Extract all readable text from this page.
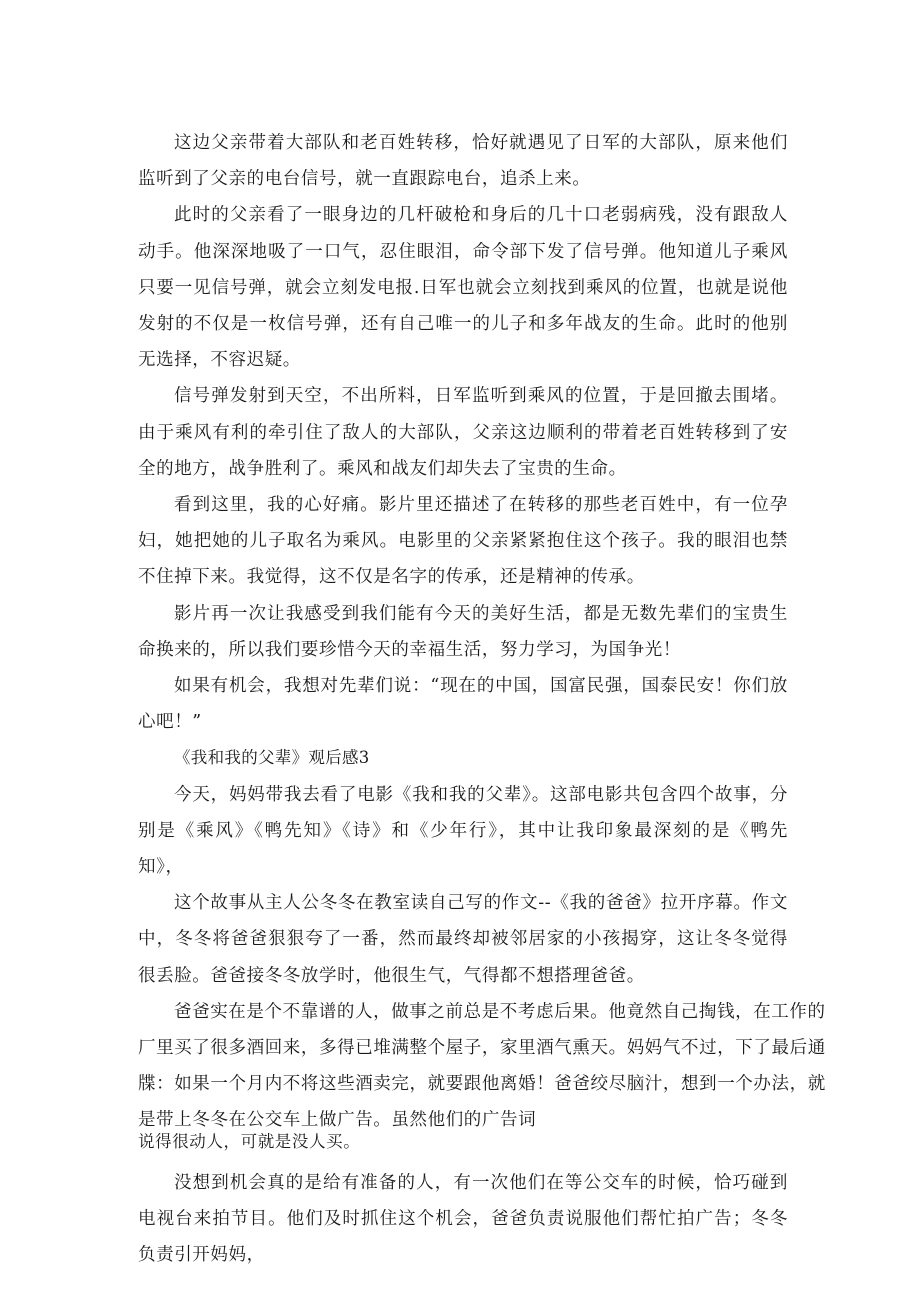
这边父亲带着大部队和老百姓转移，恰好就遇见了日军的大部队，原来他们监听到了父亲的电台信号，就一直跟踪电台，追杀上来。

此时的父亲看了一眼身边的几杆破枪和身后的几十口老弱病残，没有跟敌人动手。他深深地吸了一口气，忍住眼泪，命令部下发了信号弹。他知道儿子乘风只要一见信号弹，就会立刻发电报.日军也就会立刻找到乘风的位置，也就是说他发射的不仅是一枚信号弹，还有自己唯一的儿子和多年战友的生命。此时的他别无选择，不容迟疑。

信号弹发射到天空，不出所料，日军监听到乘风的位置，于是回撤去围堵。由于乘风有利的牵引住了敌人的大部队，父亲这边顺利的带着老百姓转移到了安全的地方，战争胜利了。乘风和战友们却失去了宝贵的生命。

看到这里，我的心好痛。影片里还描述了在转移的那些老百姓中，有一位孕妇，她把她的儿子取名为乘风。电影里的父亲紧紧抱住这个孩子。我的眼泪也禁不住掉下来。我觉得，这不仅是名字的传承，还是精神的传承。

影片再一次让我感受到我们能有今天的美好生活，都是无数先辈们的宝贵生命换来的，所以我们要珍惜今天的幸福生活，努力学习，为国争光！

如果有机会，我想对先辈们说：“现在的中国，国富民强，国泰民安！你们放心吧！”

《我和我的父辈》观后感3

今天，妈妈带我去看了电影《我和我的父辈》。这部电影共包含四个故事，分别是《乘风》《鸭先知》《诗》和《少年行》，其中让我印象最深刻的是《鸭先知》，

这个故事从主人公冬冬在教室读自己写的作文--《我的爸爸》拉开序幕。作文中，冬冬将爸爸狠狠夸了一番，然而最终却被邻居家的小孩揭穿，这让冬冬觉得很丢脸。爸爸接冬冬放学时，他很生气，气得都不想搭理爸爸。

爸爸实在是个不靠谱的人，做事之前总是不考虑后果。他竟然自己掏钱，在工作的
厂里买了很多酒回来，多得已堆满整个屋子，家里酒气熏天。妈妈气不过，下了最后通
牒：如果一个月内不将这些酒卖完，就要跟他离婚！爸爸绞尽脑汁，想到一个办法，就
是带上冬冬在公交车上做广告。虽然他们的广告词
说得很动人，可就是没人买。

没想到机会真的是给有准备的人，有一次他们在等公交车的时候，恰巧碰到电视台来拍节目。他们及时抓住这个机会，爸爸负责说服他们帮忙拍广告；冬冬负责引开妈妈，
